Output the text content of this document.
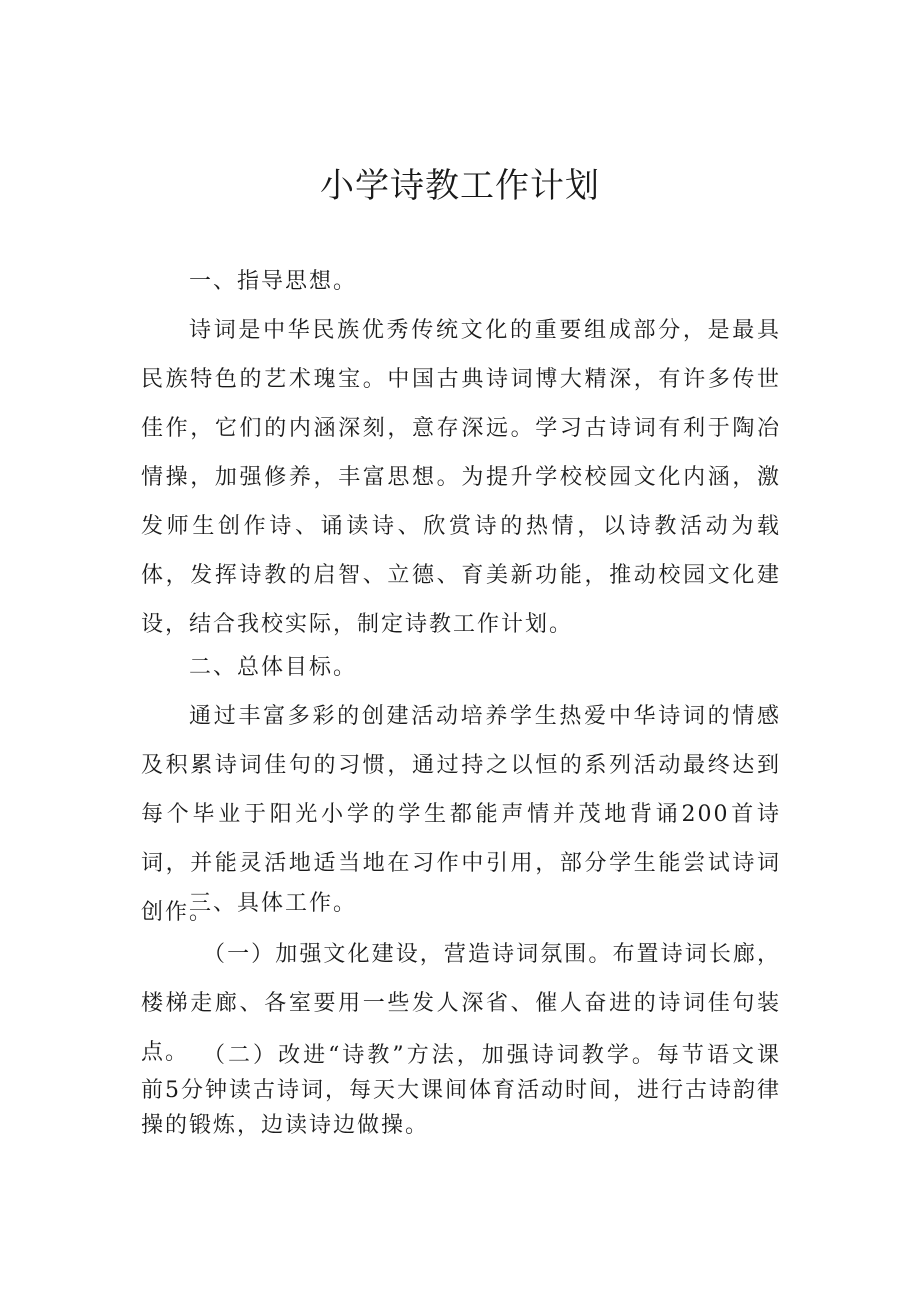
小学诗教工作计划
一、指导思想。
诗词是中华民族优秀传统文化的重要组成部分，是最具民族特色的艺术瑰宝。中国古典诗词博大精深，有许多传世佳作，它们的内涵深刻，意存深远。学习古诗词有利于陶冶情操，加强修养，丰富思想。为提升学校校园文化内涵，激发师生创作诗、诵读诗、欣赏诗的热情，以诗教活动为载体，发挥诗教的启智、立德、育美新功能，推动校园文化建设，结合我校实际，制定诗教工作计划。
二、总体目标。
通过丰富多彩的创建活动培养学生热爱中华诗词的情感及积累诗词佳句的习惯，通过持之以恒的系列活动最终达到每个毕业于阳光小学的学生都能声情并茂地背诵200首诗词，并能灵活地适当地在习作中引用，部分学生能尝试诗词创作。
三、具体工作。
（一）加强文化建设，营造诗词氛围。布置诗词长廊，楼梯走廊、各室要用一些发人深省、催人奋进的诗词佳句装点。 （二）改进“诗教”方法，加强诗词教学。每节语文课前5分钟读古诗词，每天大课间体育活动时间，进行古诗韵律操的锻炼，边读诗边做操。
